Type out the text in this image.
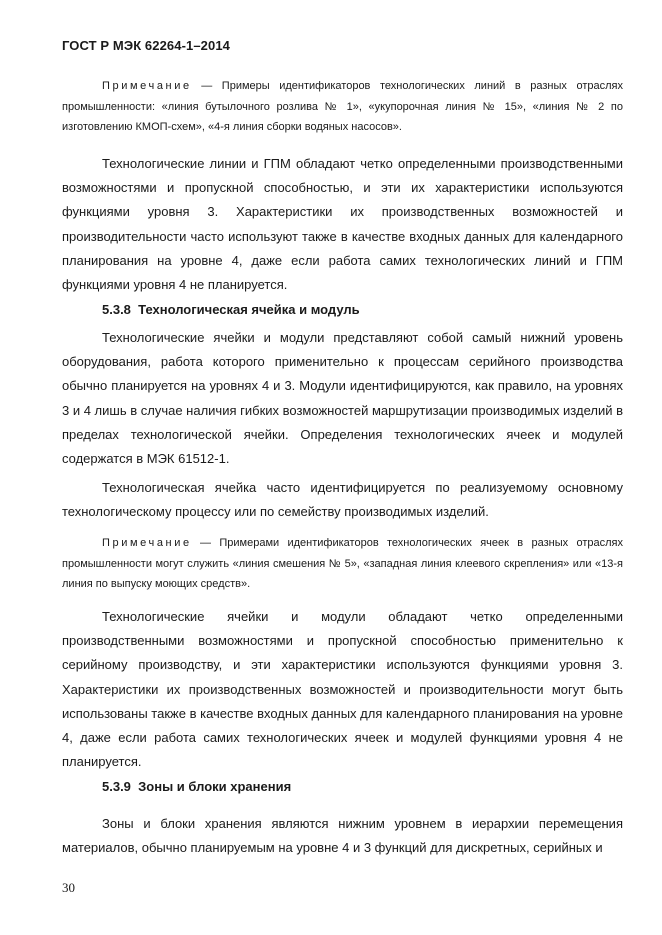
ГОСТ Р МЭК 62264-1–2014

Примечание — Примеры идентификаторов технологических линий в разных отраслях промышленности: «линия бутылочного розлива № 1», «укупорочная линия № 15», «линия № 2 по изготовлению КМОП-схем», «4-я линия сборки водяных насосов».

Технологические линии и ГПМ обладают четко определенными производственными возможностями и пропускной способностью, и эти их характеристики используются функциями уровня 3. Характеристики их производственных возможностей и производительности часто используют также в качестве входных данных для календарного планирования на уровне 4, даже если работа самих технологических линий и ГПМ функциями уровня 4 не планируется.

5.3.8 Технологическая ячейка и модуль

Технологические ячейки и модули представляют собой самый нижний уровень оборудования, работа которого применительно к процессам серийного производства обычно планируется на уровнях 4 и 3. Модули идентифицируются, как правило, на уровнях 3 и 4 лишь в случае наличия гибких возможностей маршрутизации производимых изделий в пределах технологической ячейки. Определения технологических ячеек и модулей содержатся в МЭК 61512-1.

Технологическая ячейка часто идентифицируется по реализуемому основному технологическому процессу или по семейству производимых изделий.

Примечание — Примерами идентификаторов технологических ячеек в разных отраслях промышленности могут служить «линия смешения № 5», «западная линия клеевого скрепления» или «13-я линия по выпуску моющих средств».

Технологические ячейки и модули обладают четко определенными производственными возможностями и пропускной способностью применительно к серийному производству, и эти характеристики используются функциями уровня 3. Характеристики их производственных возможностей и производительности могут быть использованы также в качестве входных данных для календарного планирования на уровне 4, даже если работа самих технологических ячеек и модулей функциями уровня 4 не планируется.

5.3.9 Зоны и блоки хранения

Зоны и блоки хранения являются нижним уровнем в иерархии перемещения материалов, обычно планируемым на уровне 4 и 3 функций для дискретных, серийных и

30
